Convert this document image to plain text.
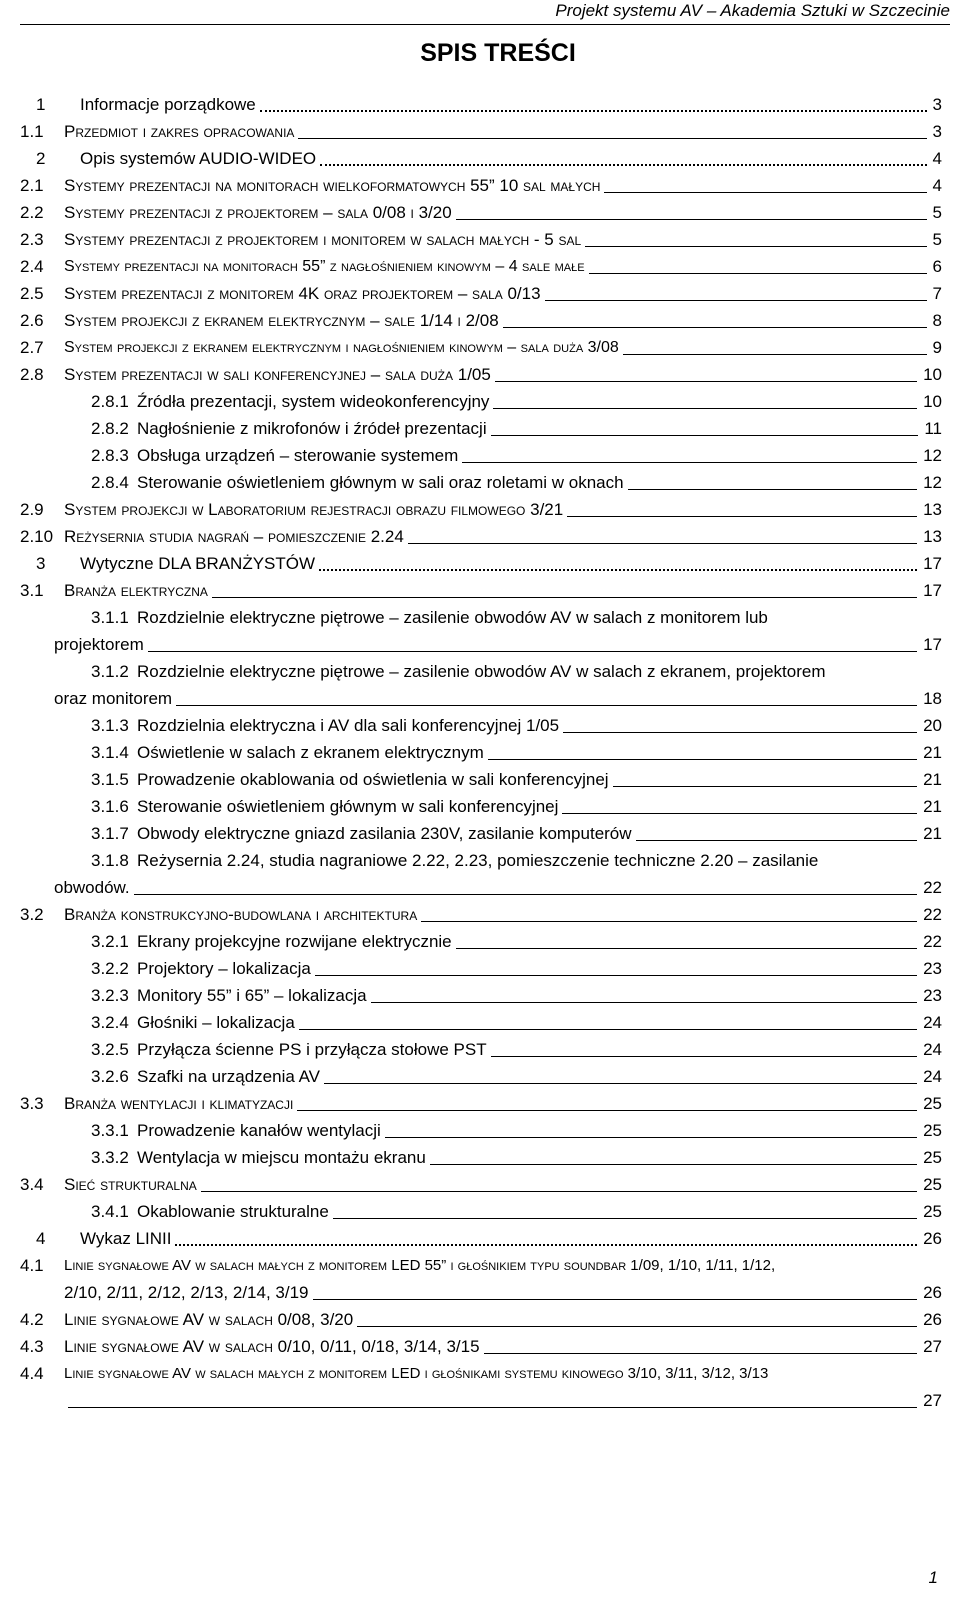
Projekt systemu AV – Akademia Sztuki w Szczecinie
SPIS TREŚCI
1 Informacje porządkowe	3
1.1 Przedmiot i zakres opracowania	3
2 Opis systemów AUDIO-WIDEO	4
2.1 Systemy prezentacji na monitorach wielkoformatowych 55” 10 sal małych	4
2.2 Systemy prezentacji z projektorem – sala 0/08 i 3/20	5
2.3 Systemy prezentacji z projektorem i monitorem w salach małych - 5 sal	5
2.4 Systemy prezentacji na monitorach 55” z nagłośnieniem kinowym – 4 sale małe	6
2.5 System prezentacji z monitorem 4K oraz projektorem – sala 0/13	7
2.6 System projekcji z ekranem elektrycznym – sale 1/14 i 2/08	8
2.7 System projekcji z ekranem elektrycznym i nagłośnieniem kinowym – sala duża 3/08	9
2.8 System prezentacji w sali konferencyjnej – sala duża 1/05	10
2.8.1 Źródła prezentacji, system wideokonferencyjny	10
2.8.2 Nagłośnienie z mikrofonów i źródeł prezentacji	11
2.8.3 Obsługa urządzeń – sterowanie systemem	12
2.8.4 Sterowanie oświetleniem głównym w sali oraz roletami w oknach	12
2.9 System projekcji w Laboratorium rejestracji obrazu filmowego 3/21	13
2.10 Reżysernia studia nagrań – pomieszczenie 2.24	13
3 Wytyczne DLA BRANŻYSTÓW	17
3.1 Branża elektryczna	17
3.1.1 Rozdzielnie elektryczne piętrowe – zasilenie obwodów AV w salach z monitorem lub
projektorem	17
3.1.2 Rozdzielnie elektryczne piętrowe – zasilenie obwodów AV w salach z ekranem, projektorem
oraz monitorem	18
3.1.3 Rozdzielnia elektryczna i AV dla sali konferencyjnej 1/05	20
3.1.4 Oświetlenie w salach z ekranem elektrycznym	21
3.1.5 Prowadzenie okablowania od oświetlenia w sali konferencyjnej	21
3.1.6 Sterowanie oświetleniem głównym w sali konferencyjnej	21
3.1.7 Obwody elektryczne gniazd zasilania 230V, zasilanie komputerów	21
3.1.8 Reżysernia 2.24, studia nagraniowe 2.22, 2.23, pomieszczenie techniczne 2.20 – zasilanie
obwodów.	22
3.2 Branża konstrukcyjno-budowlana i architektura	22
3.2.1 Ekrany projekcyjne rozwijane elektrycznie	22
3.2.2 Projektory – lokalizacja	23
3.2.3 Monitory 55” i 65” – lokalizacja	23
3.2.4 Głośniki – lokalizacja	24
3.2.5 Przyłącza ścienne PS i przyłącza stołowe PST	24
3.2.6 Szafki na urządzenia AV	24
3.3 Branża wentylacji i klimatyzacji	25
3.3.1 Prowadzenie kanałów wentylacji	25
3.3.2 Wentylacja w miejscu montażu ekranu	25
3.4 Sieć strukturalna	25
3.4.1 Okablowanie strukturalne	25
4 Wykaz LINII	26
4.1 Linie sygnałowe AV w salach małych z monitorem LED 55” i głośnikiem typu soundbar 1/09, 1/10, 1/11, 1/12,
2/10, 2/11, 2/12, 2/13, 2/14, 3/19	26
4.2 Linie sygnałowe AV w salach 0/08, 3/20	26
4.3 Linie sygnałowe AV w salach 0/10, 0/11, 0/18, 3/14, 3/15	27
4.4 Linie sygnałowe AV w salach małych z monitorem LED i głośnikami systemu kinowego 3/10, 3/11, 3/12, 3/13
27
1
